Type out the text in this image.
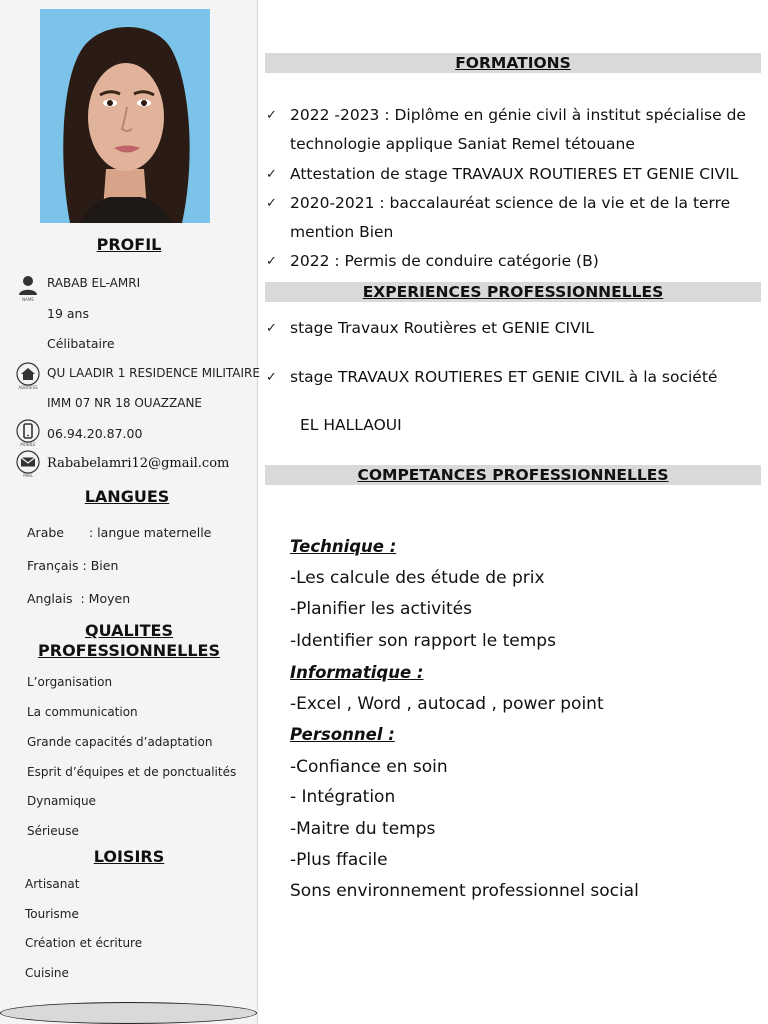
PROFIL
NAME
RABAB EL-AMRI
19 ans
Célibataire
ADDRESS
QU LAADIR 1 RESIDENCE MILITAIRE
IMM 07 NR 18 OUAZZANE
MOBILE
06.94.20.87.00
MAIL
Rababelamri12@gmail.com
LANGUES
Arabe : langue maternelle
Français : Bien
Anglais : Moyen
QUALITES
PROFESSIONNELLES
L’organisation
La communication
Grande capacités d’adaptation
Esprit d’équipes et de ponctualités
Dynamique
Sérieuse
LOISIRS
Artisanat
Tourisme
Création et écriture
Cuisine
FORMATIONS
✓ 2022 -2023 : Diplôme en génie civil à institut spécialise de
technologie applique Saniat Remel tétouane
✓ Attestation de stage TRAVAUX ROUTIERES ET GENIE CIVIL
✓ 2020-2021 : baccalauréat science de la vie et de la terre
mention Bien
✓ 2022 : Permis de conduire catégorie (B)
EXPERIENCES PROFESSIONNELLES
✓ stage Travaux Routières et GENIE CIVIL
✓ stage TRAVAUX ROUTIERES ET GENIE CIVIL à la société
EL HALLAOUI
COMPETANCES PROFESSIONNELLES
Technique :
-Les calcule des étude de prix
-Planifier les activités
-Identifier son rapport le temps
Informatique :
-Excel , Word , autocad , power point
Personnel :
-Confiance en soin
- Intégration
-Maitre du temps
-Plus ffacile
Sons environnement professionnel social
